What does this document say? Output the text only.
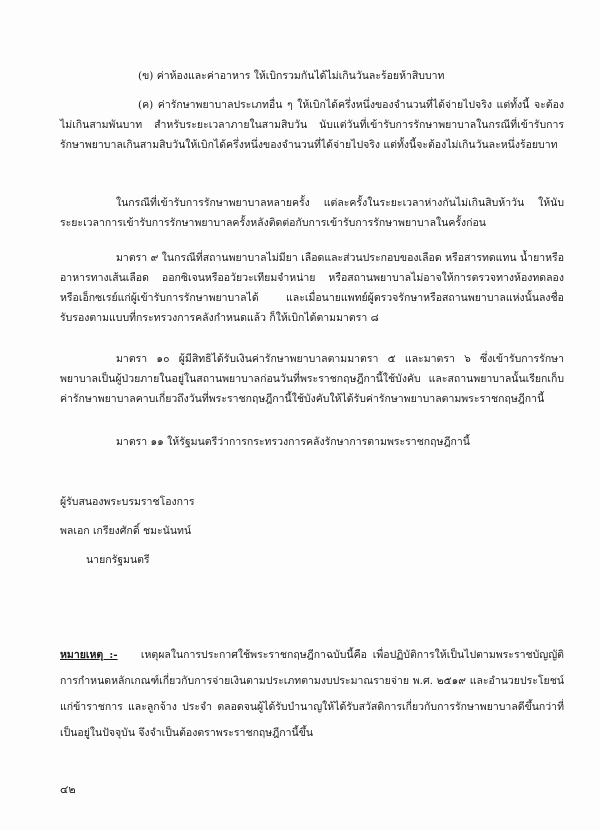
(ข) ค่าห้องและค่าอาหาร ให้เบิกรวมกันได้ไม่เกินวันละร้อยห้าสิบบาท

(ค) ค่ารักษาพยาบาลประเภทอื่น ๆ ให้เบิกได้ครึ่งหนึ่งของจำนวนที่ได้จ่ายไปจริง แต่ทั้งนี้ จะต้องไม่เกินสามพันบาท สำหรับระยะเวลาภายในสามสิบวัน นับแต่วันที่เข้ารับการรักษาพยาบาลในกรณีที่เข้ารับการรักษาพยาบาลเกินสามสิบวันให้เบิกได้ครึ่งหนึ่งของจำนวนที่ได้จ่ายไปจริง แต่ทั้งนี้จะต้องไม่เกินวันละหนึ่งร้อยบาท

ในกรณีที่เข้ารับการรักษาพยาบาลหลายครั้ง แต่ละครั้งในระยะเวลาห่างกันไม่เกินสิบห้าวัน ให้นับระยะเวลาการเข้ารับการรักษาพยาบาลครั้งหลังติดต่อกับการเข้ารับการรักษาพยาบาลในครั้งก่อน

มาตรา ๙ ในกรณีที่สถานพยาบาลไม่มียา เลือดและส่วนประกอบของเลือด หรือสารทดแทน น้ำยาหรืออาหารทางเส้นเลือด ออกซิเจนหรืออวัยวะเทียมจำหน่าย หรือสถานพยาบาลไม่อาจให้การตรวจทางห้องทดลอง หรือเอ็กซเรย์แก่ผู้เข้ารับการรักษาพยาบาลได้ และเมื่อนายแพทย์ผู้ตรวจรักษาหรือสถานพยาบาลแห่งนั้นลงชื่อรับรองตามแบบที่กระทรวงการคลังกำหนดแล้ว ก็ให้เบิกได้ตามมาตรา ๘

มาตรา ๑๐ ผู้มีสิทธิได้รับเงินค่ารักษาพยาบาลตามมาตรา ๕ และมาตรา ๖ ซึ่งเข้ารับการรักษาพยาบาลเป็นผู้ป่วยภายในอยู่ในสถานพยาบาลก่อนวันที่พระราชกฤษฎีกานี้ใช้บังคับ และสถานพยาบาลนั้นเรียกเก็บค่ารักษาพยาบาลคาบเกี่ยวถึงวันที่พระราชกฤษฎีกานี้ใช้บังคับให้ได้รับค่ารักษาพยาบาลตามพระราชกฤษฎีกานี้

มาตรา ๑๑ ให้รัฐมนตรีว่าการกระทรวงการคลังรักษาการตามพระราชกฤษฎีกานี้

ผู้รับสนองพระบรมราชโองการ

พลเอก เกรียงศักดิ์ ชมะนันทน์

นายกรัฐมนตรี

หมายเหตุ :- เหตุผลในการประกาศใช้พระราชกฤษฎีกาฉบับนี้คือ เพื่อปฏิบัติการให้เป็นไปตามพระราชบัญญัติการกำหนดหลักเกณฑ์เกี่ยวกับการจ่ายเงินตามประเภทตามงบประมาณรายจ่าย พ.ศ. ๒๕๑๙ และอำนวยประโยชน์แก่ข้าราชการ และลูกจ้าง ประจำ ตลอดจนผู้ได้รับบำนาญให้ได้รับสวัสดิการเกี่ยวกับการรักษาพยาบาลดีขึ้นกว่าที่เป็นอยู่ในปัจจุบัน จึงจำเป็นต้องตราพระราชกฤษฎีกานี้ขึ้น

๔๒
